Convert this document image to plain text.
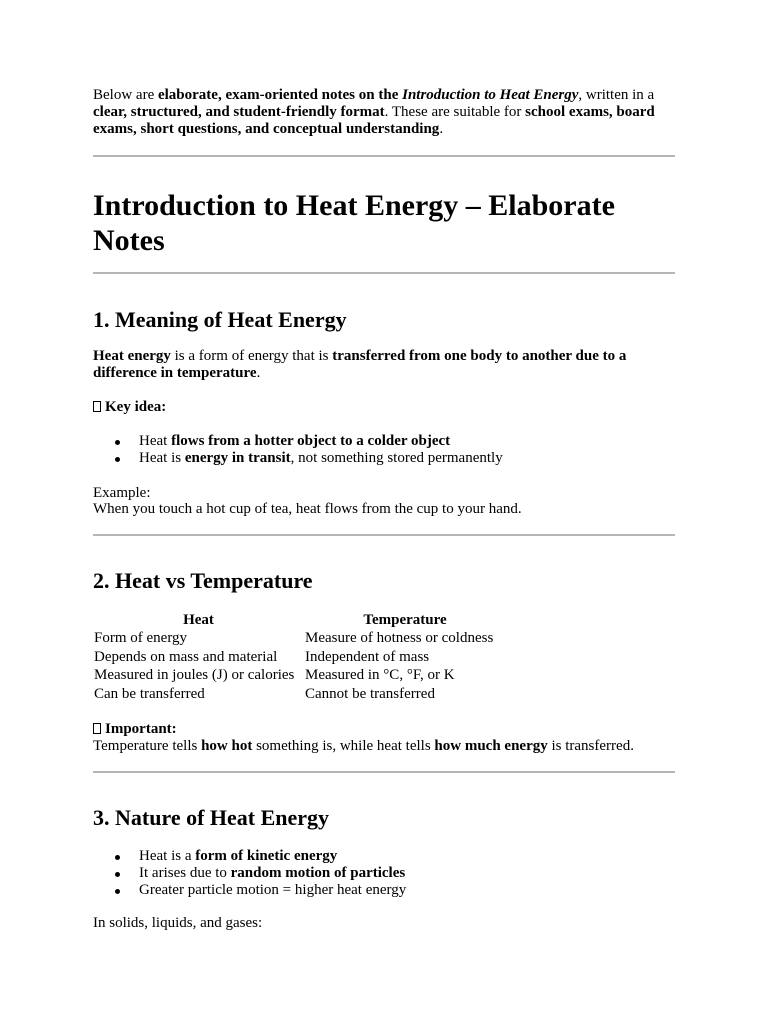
Below are elaborate, exam-oriented notes on the Introduction to Heat Energy, written in a clear, structured, and student-friendly format. These are suitable for school exams, board exams, short questions, and conceptual understanding.

Introduction to Heat Energy – Elaborate Notes
1. Meaning of Heat Energy

Heat energy is a form of energy that is transferred from one body to another due to a difference in temperature.

Key idea:

Heat flows from a hotter object to a colder object
Heat is energy in transit, not something stored permanently

Example:

When you touch a hot cup of tea, heat flows from the cup to your hand.

2. Heat vs Temperature
Heat	Temperature
Form of energy	Measure of hotness or coldness
Depends on mass and material	Independent of mass
Measured in joules (J) or calories	Measured in °C, °F, or K
Can be transferred	Cannot be transferred

Important:

Temperature tells how hot something is, while heat tells how much energy is transferred.

3. Nature of Heat Energy
Heat is a form of kinetic energy
It arises due to random motion of particles
Greater particle motion = higher heat energy

In solids, liquids, and gases:
